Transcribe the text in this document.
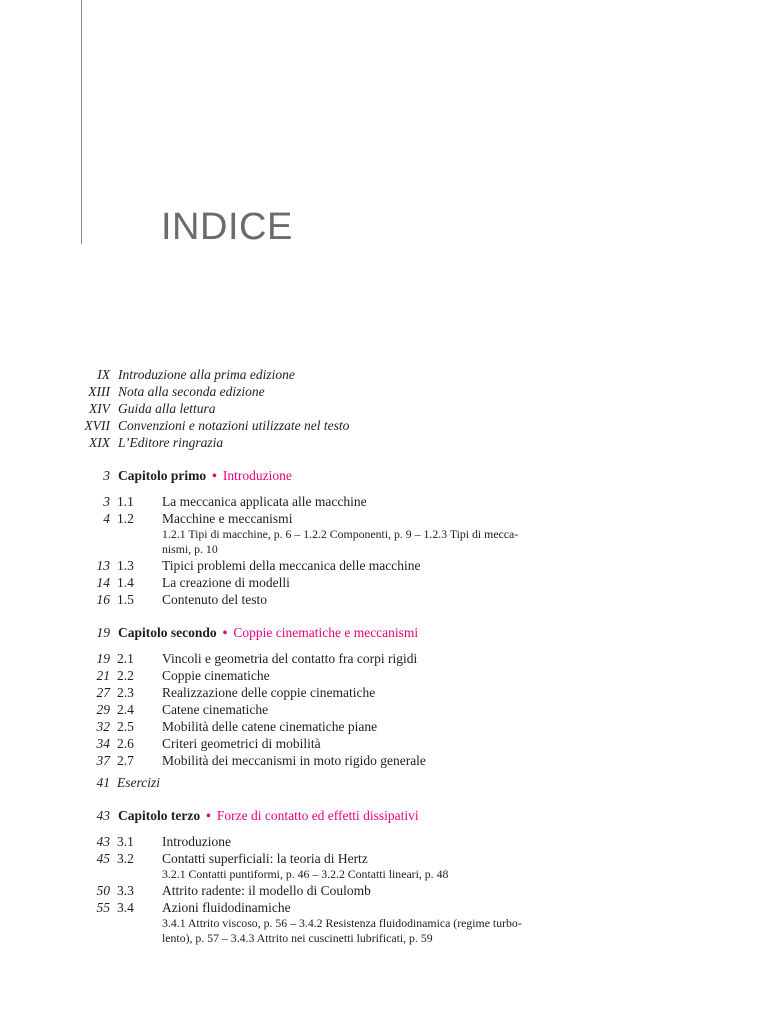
INDICE
IX Introduzione alla prima edizione
XIII Nota alla seconda edizione
XIV Guida alla lettura
XVII Convenzioni e notazioni utilizzate nel testo
XIX L’Editore ringrazia
3 Capitolo primo • Introduzione
3 1.1 La meccanica applicata alle macchine
4 1.2 Macchine e meccanismi
1.2.1 Tipi di macchine, p. 6 – 1.2.2 Componenti, p. 9 – 1.2.3 Tipi di mecca-
nismi, p. 10
13 1.3 Tipici problemi della meccanica delle macchine
14 1.4 La creazione di modelli
16 1.5 Contenuto del testo
19 Capitolo secondo • Coppie cinematiche e meccanismi
19 2.1 Vincoli e geometria del contatto fra corpi rigidi
21 2.2 Coppie cinematiche
27 2.3 Realizzazione delle coppie cinematiche
29 2.4 Catene cinematiche
32 2.5 Mobilità delle catene cinematiche piane
34 2.6 Criteri geometrici di mobilità
37 2.7 Mobilità dei meccanismi in moto rigido generale
41 Esercizi
43 Capitolo terzo • Forze di contatto ed effetti dissipativi
43 3.1 Introduzione
45 3.2 Contatti superficiali: la teoria di Hertz
3.2.1 Contatti puntiformi, p. 46 – 3.2.2 Contatti lineari, p. 48
50 3.3 Attrito radente: il modello di Coulomb
55 3.4 Azioni fluidodinamiche
3.4.1 Attrito viscoso, p. 56 – 3.4.2 Resistenza fluidodinamica (regime turbo-
lento), p. 57 – 3.4.3 Attrito nei cuscinetti lubrificati, p. 59
